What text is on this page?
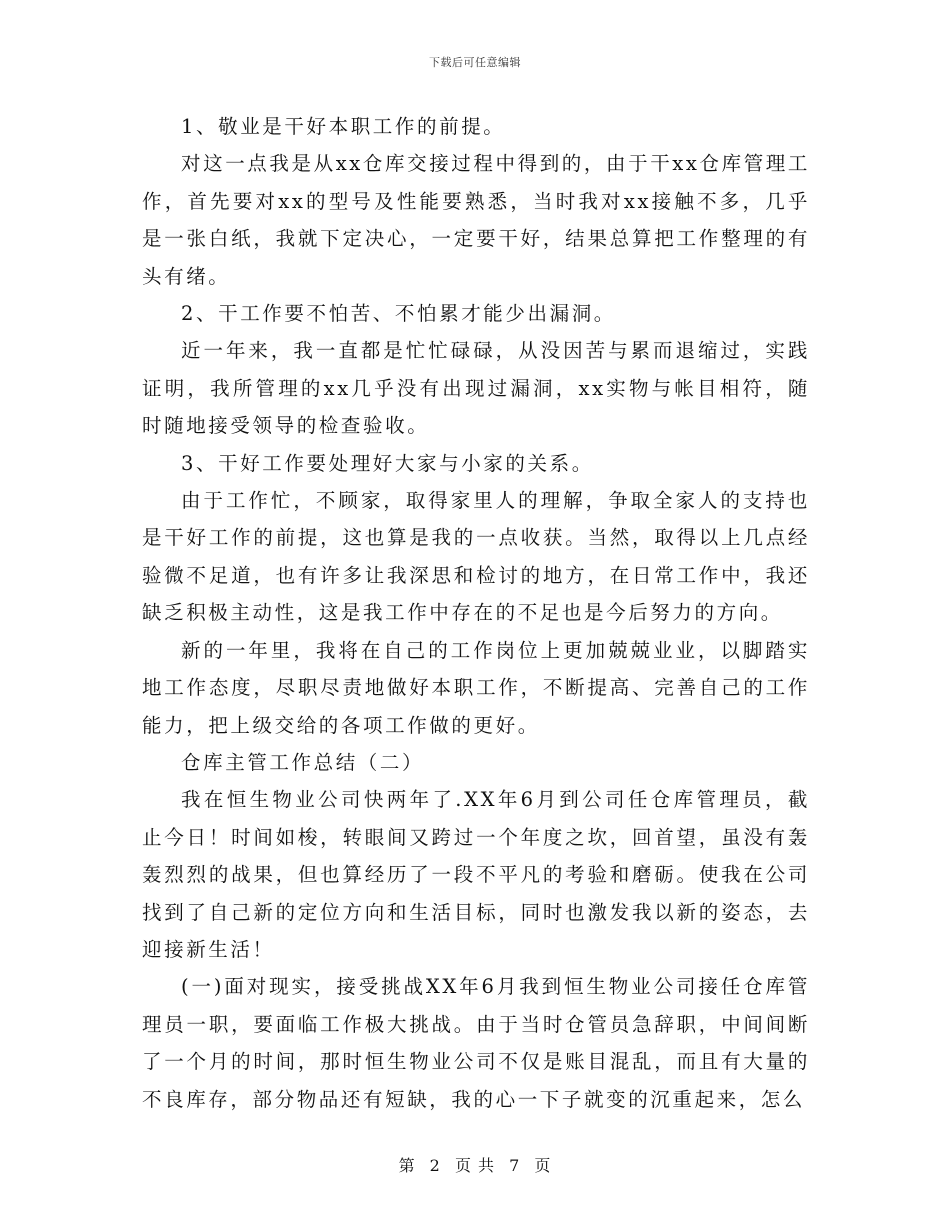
下载后可任意编辑

1、敬业是干好本职工作的前提。

对这一点我是从xx仓库交接过程中得到的，由于干xx仓库管理工作，首先要对xx的型号及性能要熟悉，当时我对xx接触不多，几乎是一张白纸，我就下定决心，一定要干好，结果总算把工作整理的有头有绪。

2、干工作要不怕苦、不怕累才能少出漏洞。

近一年来，我一直都是忙忙碌碌，从没因苦与累而退缩过，实践证明，我所管理的xx几乎没有出现过漏洞，xx实物与帐目相符，随时随地接受领导的检查验收。

3、干好工作要处理好大家与小家的关系。

由于工作忙，不顾家，取得家里人的理解，争取全家人的支持也是干好工作的前提，这也算是我的一点收获。当然，取得以上几点经验微不足道，也有许多让我深思和检讨的地方，在日常工作中，我还缺乏积极主动性，这是我工作中存在的不足也是今后努力的方向。

新的一年里，我将在自己的工作岗位上更加兢兢业业，以脚踏实地工作态度，尽职尽责地做好本职工作，不断提高、完善自己的工作能力，把上级交给的各项工作做的更好。

仓库主管工作总结（二）

我在恒生物业公司快两年了.XX年6月到公司任仓库管理员，截止今日！时间如梭，转眼间又跨过一个年度之坎，回首望，虽没有轰轰烈烈的战果，但也算经历了一段不平凡的考验和磨砺。使我在公司找到了自己新的定位方向和生活目标，同时也激发我以新的姿态，去迎接新生活！

(一)面对现实，接受挑战XX年6月我到恒生物业公司接任仓库管理员一职，要面临工作极大挑战。由于当时仓管员急辞职，中间间断了一个月的时间，那时恒生物业公司不仅是账目混乱，而且有大量的不良库存，部分物品还有短缺，我的心一下子就变的沉重起来，怎么

第 2 页 共 7 页
